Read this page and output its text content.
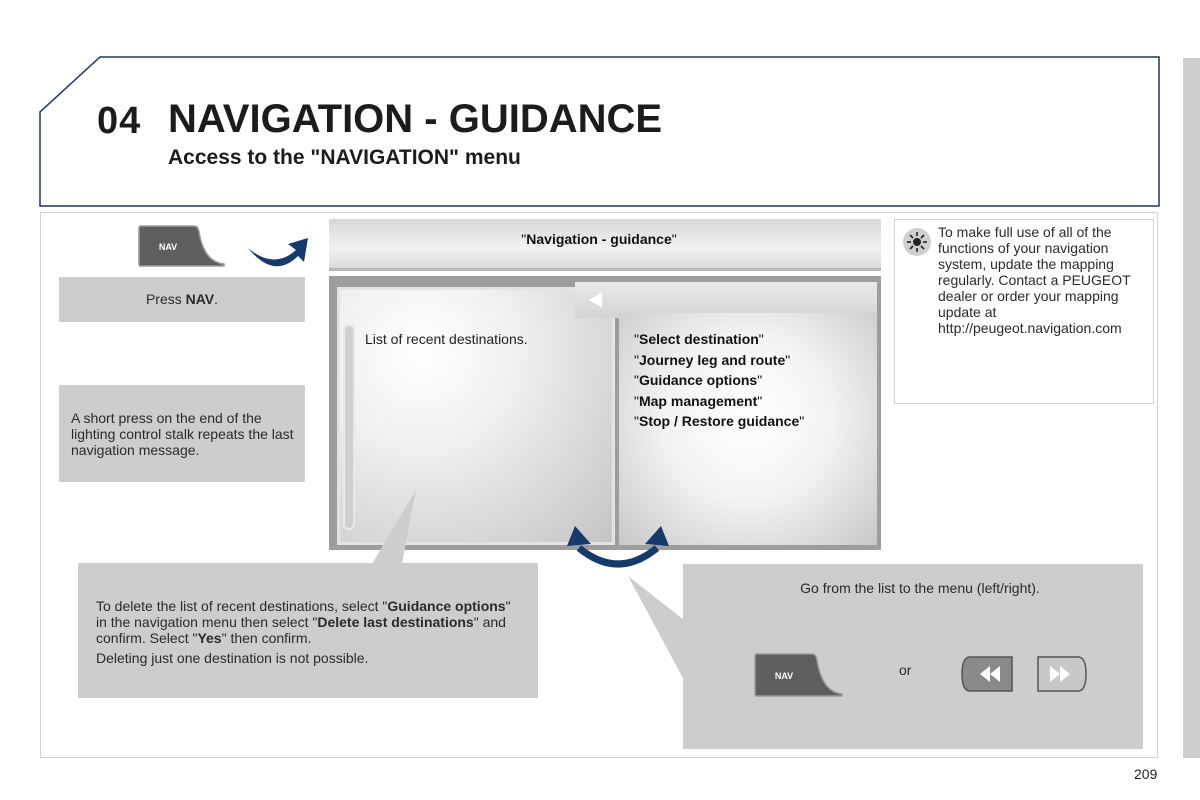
04 NAVIGATION - GUIDANCE
Access to the "NAVIGATION" menu
NAV
Press NAV.
A short press on the end of the lighting control stalk repeats the last navigation message.
"Navigation - guidance"
List of recent destinations.	"Select destination"
"Journey leg and route"
"Guidance options"
"Map management"
"Stop / Restore guidance"

To delete the list of recent destinations, select "Guidance options" in the navigation menu then select "Delete last destinations" and confirm. Select "Yes" then confirm.

Deleting just one destination is not possible.

Go from the list to the menu (left/right).
or
NAV
To make full use of all of the functions of your navigation system, update the mapping regularly. Contact a PEUGEOT dealer or order your mapping update at http://peugeot.navigation.com
209
